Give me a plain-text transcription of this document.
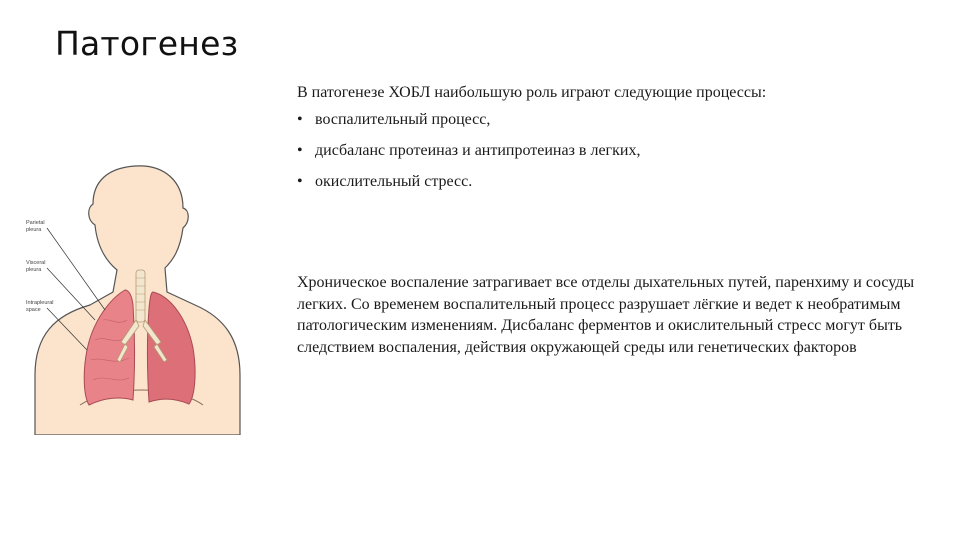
Патогенез
Parietal
pleura
Visceral
pleura
Intrapleural
space

В патогенезе ХОБЛ наибольшую роль играют следующие процессы:

• воспалительный процесс,
• дисбаланс протеиназ и антипротеиназ в легких,
• окислительный стресс.

Хроническое воспаление затрагивает все отделы дыхательных путей, паренхиму и сосуды легких. Со временем воспалительный процесс разрушает лёгкие и ведет к необратимым патологическим изменениям. Дисбаланс ферментов и окислительный стресс могут быть следствием воспаления, действия окружающей среды или генетических факторов
